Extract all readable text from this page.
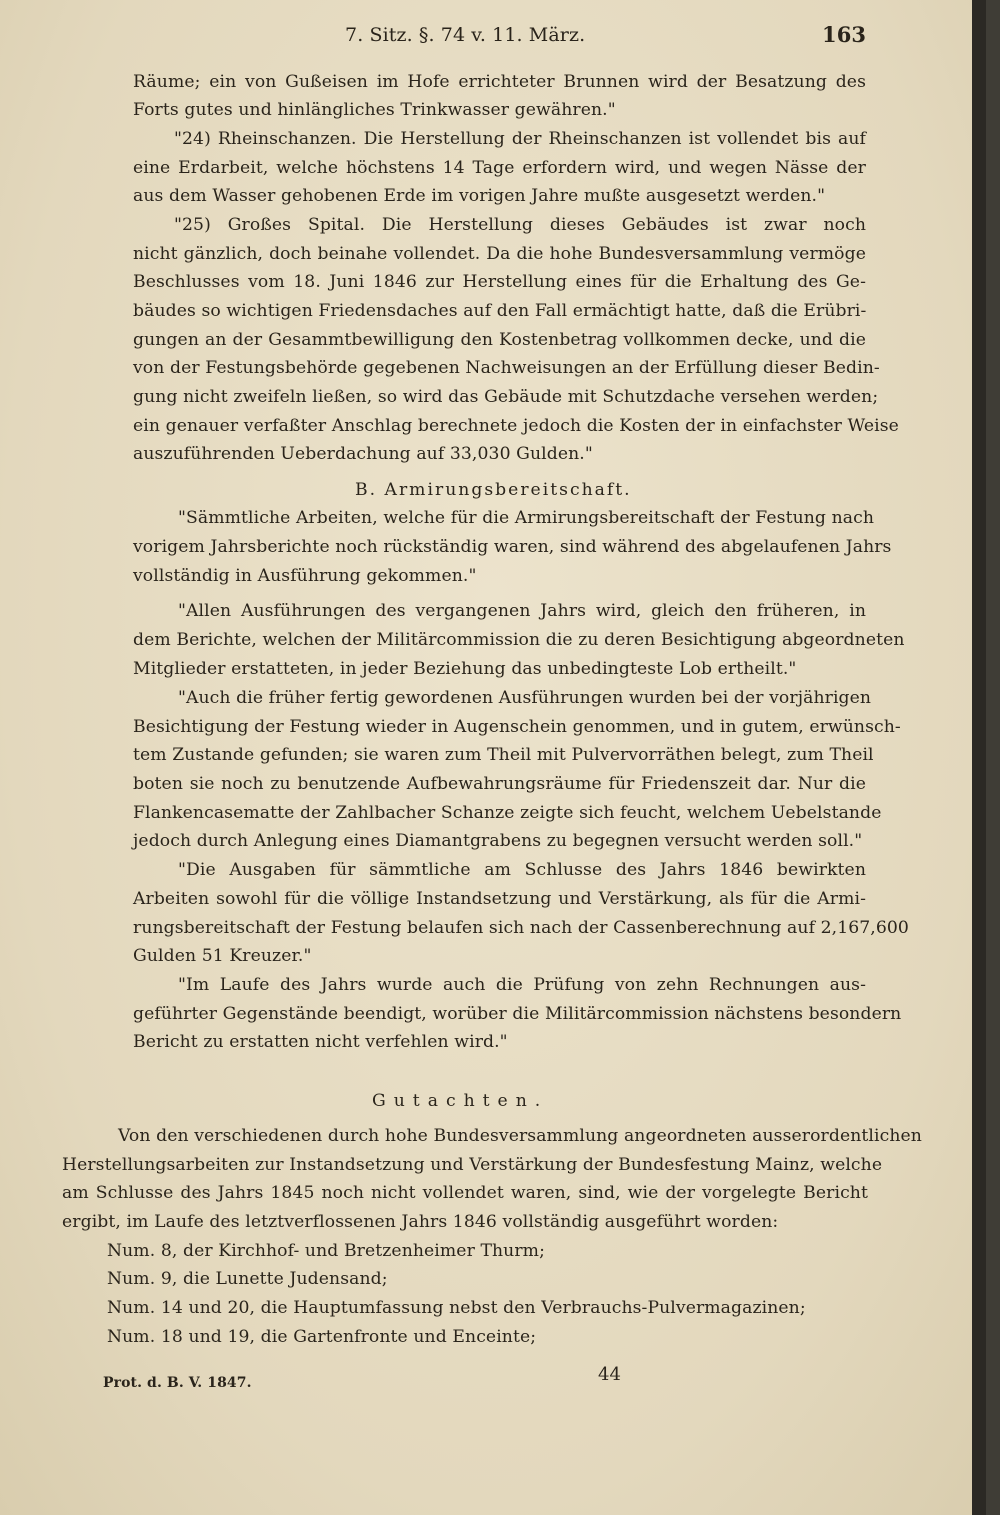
7. Sitz. §. 74 v. 11. März.	163
Räume; ein von Gußeisen im Hofe errichteter Brunnen wird der Besatzung des
Forts gutes und hinlängliches Trinkwasser gewähren."
"24) Rheinschanzen. Die Herstellung der Rheinschanzen ist vollendet bis auf
eine Erdarbeit, welche höchstens 14 Tage erfordern wird, und wegen Nässe der
aus dem Wasser gehobenen Erde im vorigen Jahre mußte ausgesetzt werden."
"25) Großes Spital. Die Herstellung dieses Gebäudes ist zwar noch
nicht gänzlich, doch beinahe vollendet. Da die hohe Bundesversammlung vermöge
Beschlusses vom 18. Juni 1846 zur Herstellung eines für die Erhaltung des Ge-
bäudes so wichtigen Friedensdaches auf den Fall ermächtigt hatte, daß die Erübri-
gungen an der Gesammtbewilligung den Kostenbetrag vollkommen decke, und die
von der Festungsbehörde gegebenen Nachweisungen an der Erfüllung dieser Bedin-
gung nicht zweifeln ließen, so wird das Gebäude mit Schutzdache versehen werden;
ein genauer verfaßter Anschlag berechnete jedoch die Kosten der in einfachster Weise
auszuführenden Ueberdachung auf 33,030 Gulden."
B. Armirungsbereitschaft.
"Sämmtliche Arbeiten, welche für die Armirungsbereitschaft der Festung nach
vorigem Jahrsberichte noch rückständig waren, sind während des abgelaufenen Jahrs
vollständig in Ausführung gekommen."
"Allen Ausführungen des vergangenen Jahrs wird, gleich den früheren, in
dem Berichte, welchen der Militärcommission die zu deren Besichtigung abgeordneten
Mitglieder erstatteten, in jeder Beziehung das unbedingteste Lob ertheilt."
"Auch die früher fertig gewordenen Ausführungen wurden bei der vorjährigen
Besichtigung der Festung wieder in Augenschein genommen, und in gutem, erwünsch-
tem Zustande gefunden; sie waren zum Theil mit Pulvervorräthen belegt, zum Theil
boten sie noch zu benutzende Aufbewahrungsräume für Friedenszeit dar. Nur die
Flankencasematte der Zahlbacher Schanze zeigte sich feucht, welchem Uebelstande
jedoch durch Anlegung eines Diamantgrabens zu begegnen versucht werden soll."
"Die Ausgaben für sämmtliche am Schlusse des Jahrs 1846 bewirkten
Arbeiten sowohl für die völlige Instandsetzung und Verstärkung, als für die Armi-
rungsbereitschaft der Festung belaufen sich nach der Cassenberechnung auf 2,167,600
Gulden 51 Kreuzer."
"Im Laufe des Jahrs wurde auch die Prüfung von zehn Rechnungen aus-
geführter Gegenstände beendigt, worüber die Militärcommission nächstens besondern
Bericht zu erstatten nicht verfehlen wird."
Gutachten.
Von den verschiedenen durch hohe Bundesversammlung angeordneten ausserordentlichen
Herstellungsarbeiten zur Instandsetzung und Verstärkung der Bundesfestung Mainz, welche
am Schlusse des Jahrs 1845 noch nicht vollendet waren, sind, wie der vorgelegte Bericht
ergibt, im Laufe des letztverflossenen Jahrs 1846 vollständig ausgeführt worden:
Num. 8, der Kirchhof- und Bretzenheimer Thurm;
Num. 9, die Lunette Judensand;
Num. 14 und 20, die Hauptumfassung nebst den Verbrauchs-Pulvermagazinen;
Num. 18 und 19, die Gartenfronte und Enceinte;
Prot. d. B. V. 1847.	44
